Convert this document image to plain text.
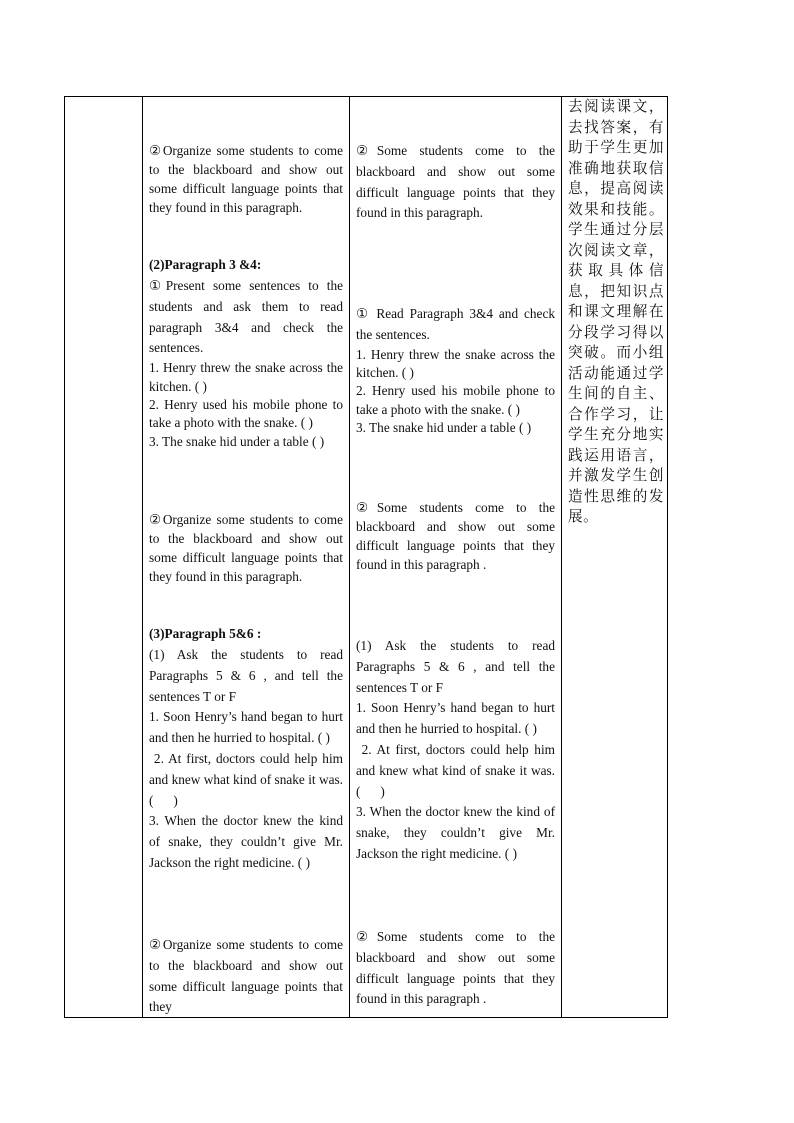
②Organize some students to come to the blackboard and show out some difficult language points that they found in this paragraph.
(2)Paragraph 3 &4:
①Present some sentences to the students and ask them to read paragraph 3&4 and check the sentences.
1. Henry threw the snake across the kitchen. ( )
2. Henry used his mobile phone to take a photo with the snake. ( )
3. The snake hid under a table ( )
②Organize some students to come to the blackboard and show out some difficult language points that they found in this paragraph.
(3)Paragraph 5&6 :
(1) Ask the students to read Paragraphs 5 & 6 , and tell the sentences T or F
1. Soon Henry’s hand began to hurt and then he hurried to hospital. ( )
2. At first, doctors could help him and knew what kind of snake it was. (      )
3. When the doctor knew the kind of snake, they couldn’t give Mr. Jackson the right medicine. ( )
②Organize some students to come to the blackboard and show out some difficult language points that they
②Some students come to the blackboard and show out some difficult language points that they found in this paragraph.
① Read Paragraph 3&4 and check the sentences.
1. Henry threw the snake across the kitchen. ( )
2. Henry used his mobile phone to take a photo with the snake. ( )
3. The snake hid under a table ( )
②Some students come to the blackboard and show out some difficult language points that they found in this paragraph .
(1) Ask the students to read Paragraphs 5 & 6 , and tell the sentences T or F
1. Soon Henry’s hand began to hurt and then he hurried to hospital. ( )
2. At first, doctors could help him and knew what kind of snake it was. (      )
3. When the doctor knew the kind of snake, they couldn’t give Mr. Jackson the right medicine. ( )
②Some students come to the blackboard and show out some difficult language points that they found in this paragraph .
去阅读课文，去找答案，有助于学生更加准确地获取信息，提高阅读效果和技能。学生通过分层次阅读文章，获取具体信息，把知识点和课文理解在分段学习得以突破。而小组活动能通过学生间的自主、合作学习，让学生充分地实践运用语言，并激发学生创造性思维的发展。
